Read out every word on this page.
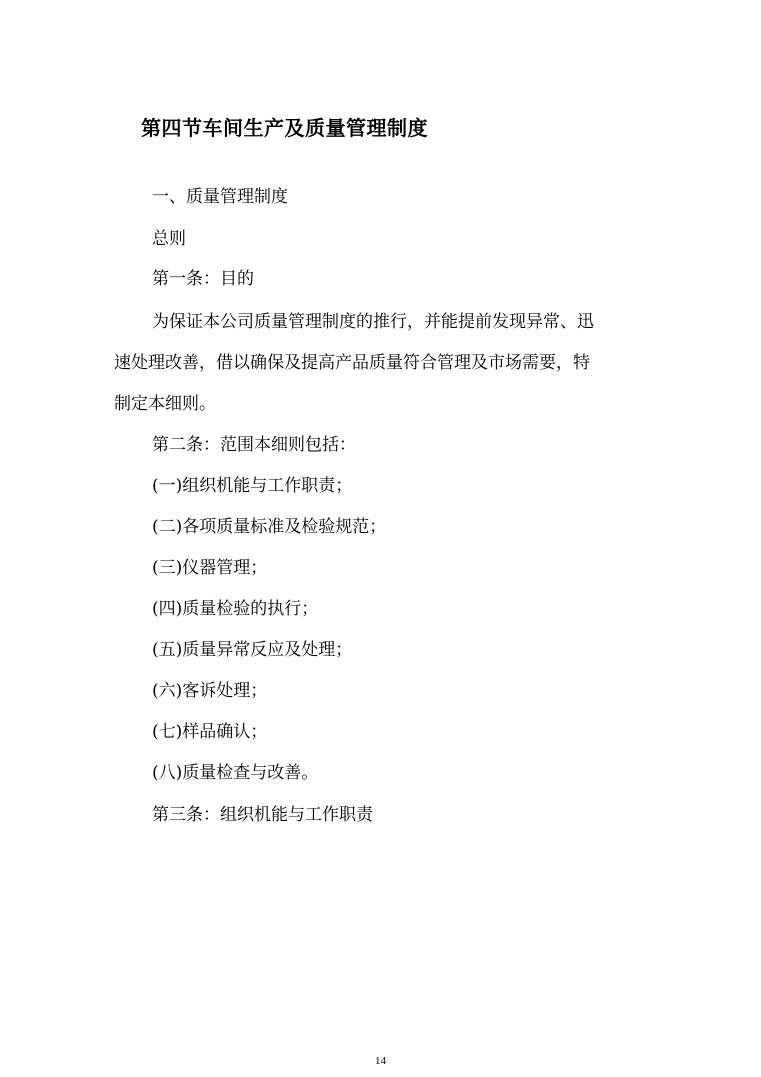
第四节车间生产及质量管理制度
一、质量管理制度
总则
第一条：目的
为保证本公司质量管理制度的推行，并能提前发现异常、迅
速处理改善，借以确保及提高产品质量符合管理及市场需要，特
制定本细则。
第二条：范围本细则包括：
(一)组织机能与工作职责；
(二)各项质量标准及检验规范；
(三)仪器管理；
(四)质量检验的执行；
(五)质量异常反应及处理；
(六)客诉处理；
(七)样品确认；
(八)质量检查与改善。
第三条：组织机能与工作职责
14
